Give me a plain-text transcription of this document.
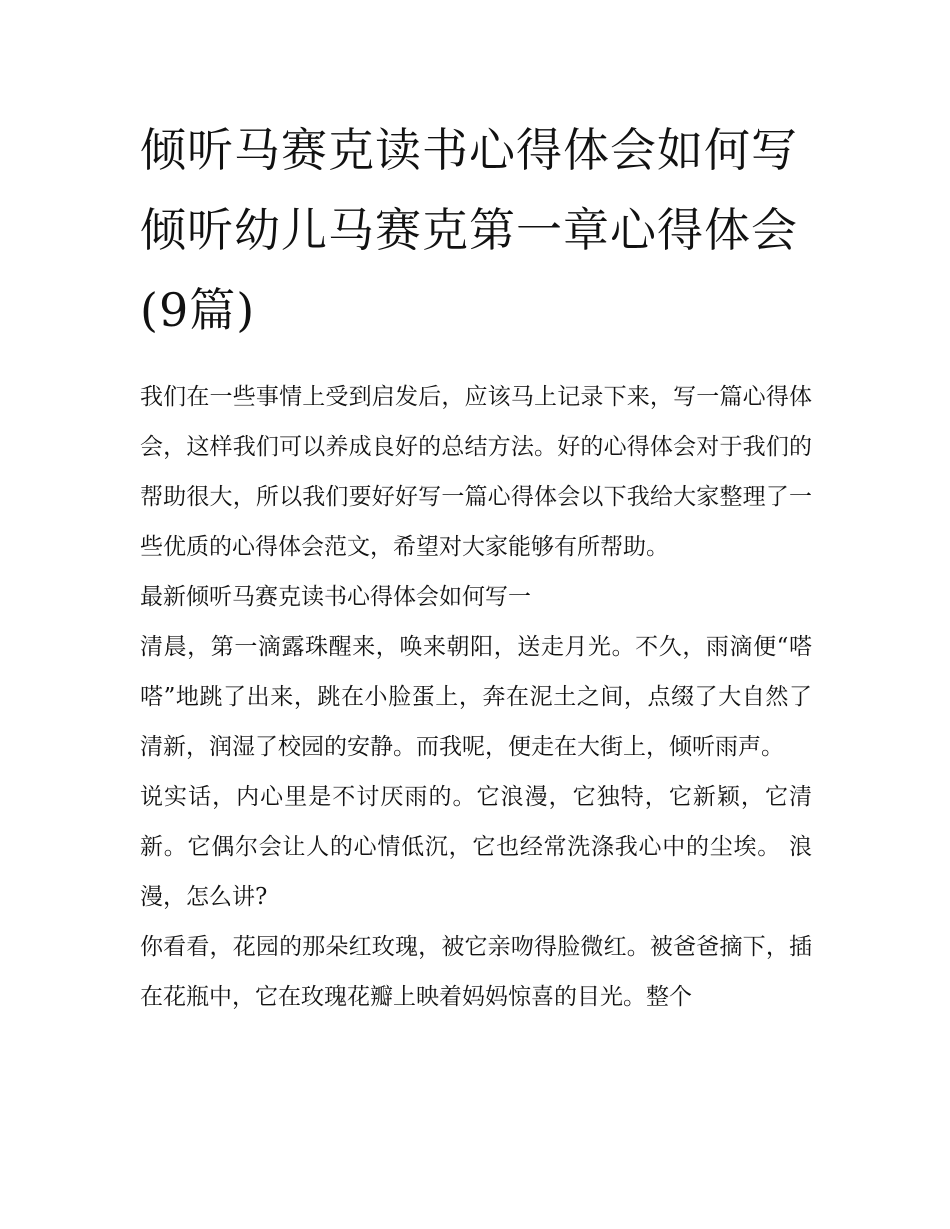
倾听马赛克读书心得体会如何写 倾听幼儿马赛克第一章心得体会(9篇)

我们在一些事情上受到启发后，应该马上记录下来，写一篇心得体会，这样我们可以养成良好的总结方法。好的心得体会对于我们的帮助很大，所以我们要好好写一篇心得体会以下我给大家整理了一些优质的心得体会范文，希望对大家能够有所帮助。

最新倾听马赛克读书心得体会如何写一

清晨，第一滴露珠醒来，唤来朝阳，送走月光。不久，雨滴便“嗒嗒”地跳了出来，跳在小脸蛋上，奔在泥土之间，点缀了大自然了清新，润湿了校园的安静。而我呢，便走在大街上，倾听雨声。

说实话，内心里是不讨厌雨的。它浪漫，它独特，它新颖，它清新。它偶尔会让人的心情低沉，它也经常洗涤我心中的尘埃。 浪漫，怎么讲?

你看看，花园的那朵红玫瑰，被它亲吻得脸微红。被爸爸摘下，插在花瓶中，它在玫瑰花瓣上映着妈妈惊喜的目光。整个
